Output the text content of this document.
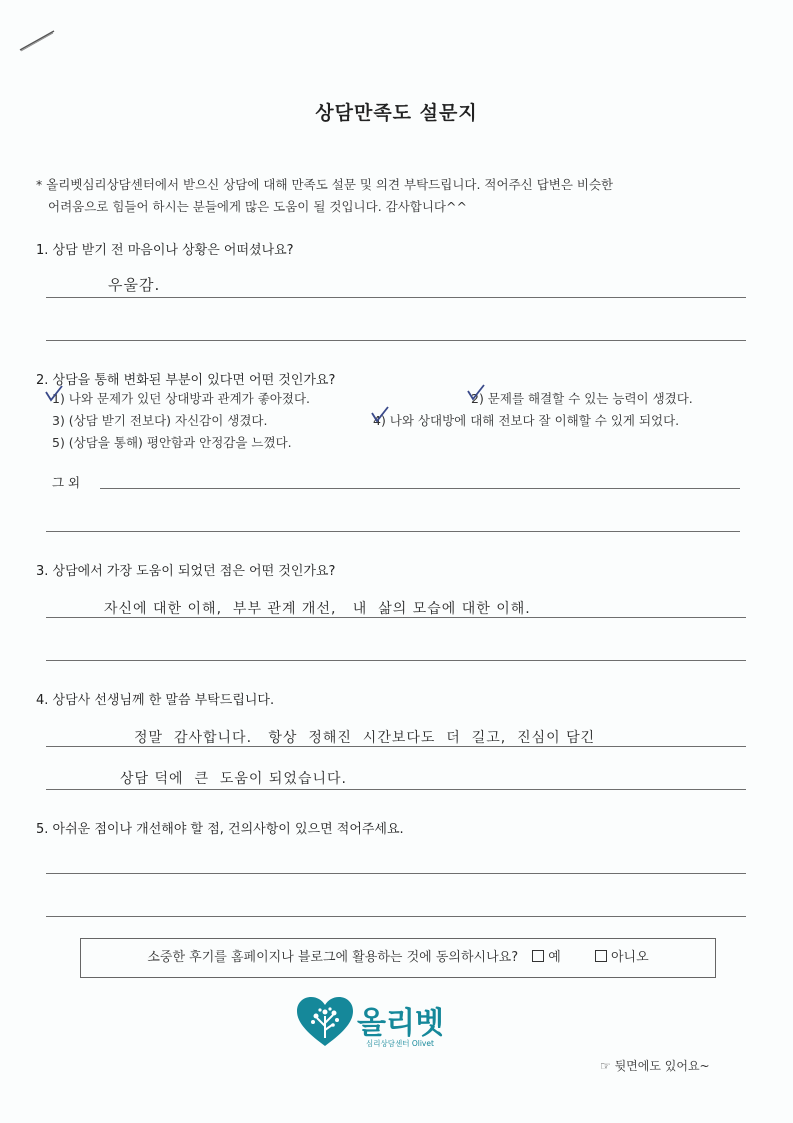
상담만족도 설문지
* 올리벳심리상담센터에서 받으신 상담에 대해 만족도 설문 및 의견 부탁드립니다. 적어주신 답변은 비슷한
어려움으로 힘들어 하시는 분들에게 많은 도움이 될 것입니다. 감사합니다^^
1. 상담 받기 전 마음이나 상황은 어떠셨나요?
우울감.
2. 상담을 통해 변화된 부분이 있다면 어떤 것인가요?
1) 나와 문제가 있던 상대방과 관계가 좋아졌다.	2) 문제를 해결할 수 있는 능력이 생겼다.
3) (상담 받기 전보다) 자신감이 생겼다.	4) 나와 상대방에 대해 전보다 잘 이해할 수 있게 되었다.
5) (상담을 통해) 평안함과 안정감을 느꼈다.
그 외
3. 상담에서 가장 도움이 되었던 점은 어떤 것인가요?
자신에 대한 이해,  부부 관계 개선,   내  삶의 모습에 대한 이해.
4. 상담사 선생님께 한 말씀 부탁드립니다.
정말  감사합니다.   항상  정해진  시간보다도  더  길고,  진심이 담긴
상담 덕에  큰  도움이 되었습니다.
5. 아쉬운 점이나 개선해야 할 점, 건의사항이 있으면 적어주세요.
소중한 후기를 홈페이지나 블로그에 활용하는 것에 동의하시나요? 예	아니오
올리벳
심리상담센터 Olivet
☞ 뒷면에도 있어요~
